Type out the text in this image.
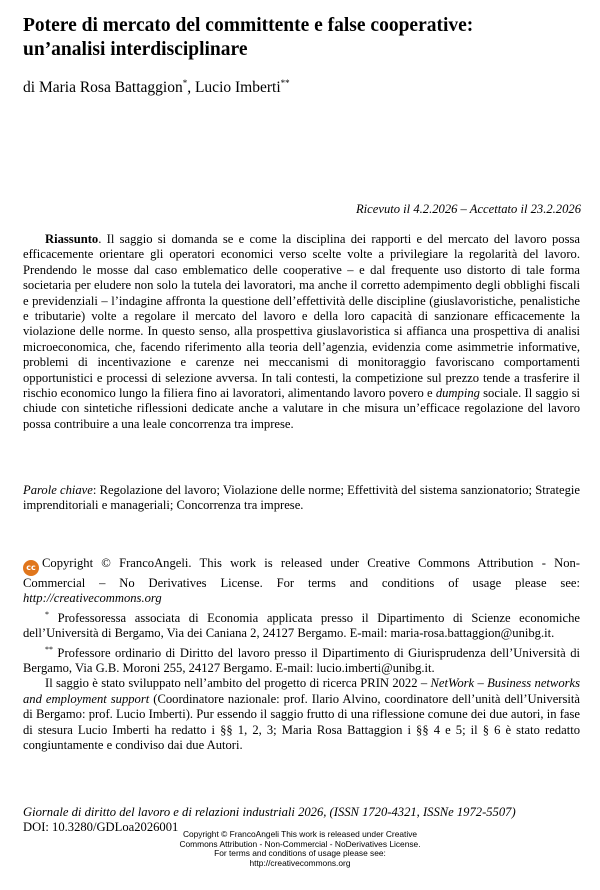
Potere di mercato del committente e false cooperative:
un’analisi interdisciplinare

di Maria Rosa Battaggion*, Lucio Imberti**

Ricevuto il 4.2.2026 – Accettato il 23.2.2026

Riassunto. Il saggio si domanda se e come la disciplina dei rapporti e del mercato del lavoro possa efficacemente orientare gli operatori economici verso scelte volte a privilegiare la regolarità del lavoro. Prendendo le mosse dal caso emblematico delle cooperative – e dal frequente uso distorto di tale forma societaria per eludere non solo la tutela dei lavoratori, ma anche il corretto adempimento degli obblighi fiscali e previdenziali – l’indagine affronta la questione dell’effettività delle discipline (giuslavoristiche, penalistiche e tributarie) volte a regolare il mercato del lavoro e della loro capacità di sanzionare efficacemente la violazione delle norme. In questo senso, alla prospettiva giuslavoristica si affianca una prospettiva di analisi microeconomica, che, facendo riferimento alla teoria dell’agenzia, evidenzia come asimmetrie informative, problemi di incentivazione e carenze nei meccanismi di monitoraggio favoriscano comportamenti opportunistici e processi di selezione avversa. In tali contesti, la competizione sul prezzo tende a trasferire il rischio economico lungo la filiera fino ai lavoratori, alimentando lavoro povero e dumping sociale. Il saggio si chiude con sintetiche riflessioni dedicate anche a valutare in che misura un’efficace regolazione del lavoro possa contribuire a una leale concorrenza tra imprese.

Parole chiave: Regolazione del lavoro; Violazione delle norme; Effettività del sistema sanzionatorio; Strategie imprenditoriali e manageriali; Concorrenza tra imprese.

cc Copyright © FrancoAngeli. This work is released under Creative Commons Attribution - Non-Commercial – No Derivatives License. For terms and conditions of usage please see: http://creativecommons.org

* Professoressa associata di Economia applicata presso il Dipartimento di Scienze economiche dell’Università di Bergamo, Via dei Caniana 2, 24127 Bergamo. E-mail: maria-rosa.battaggion@unibg.it.

** Professore ordinario di Diritto del lavoro presso il Dipartimento di Giurisprudenza dell’Università di Bergamo, Via G.B. Moroni 255, 24127 Bergamo. E-mail: lucio.imberti@unibg.it.

Il saggio è stato sviluppato nell’ambito del progetto di ricerca PRIN 2022 – NetWork – Business networks and employment support (Coordinatore nazionale: prof. Ilario Alvino, coordinatore dell’unità dell’Università di Bergamo: prof. Lucio Imberti). Pur essendo il saggio frutto di una riflessione comune dei due autori, in fase di stesura Lucio Imberti ha redatto i §§ 1, 2, 3; Maria Rosa Battaggion i §§ 4 e 5; il § 6 è stato redatto congiuntamente e condiviso dai due Autori.

Giornale di diritto del lavoro e di relazioni industriali 2026, (ISSN 1720-4321, ISSNe 1972-5507)

DOI: 10.3280/GDLoa2026001 Copyright © FrancoAngeli This work is released under Creative
Commons Attribution - Non-Commercial - NoDerivatives License.
For terms and conditions of usage please see:
http://creativecommons.org
